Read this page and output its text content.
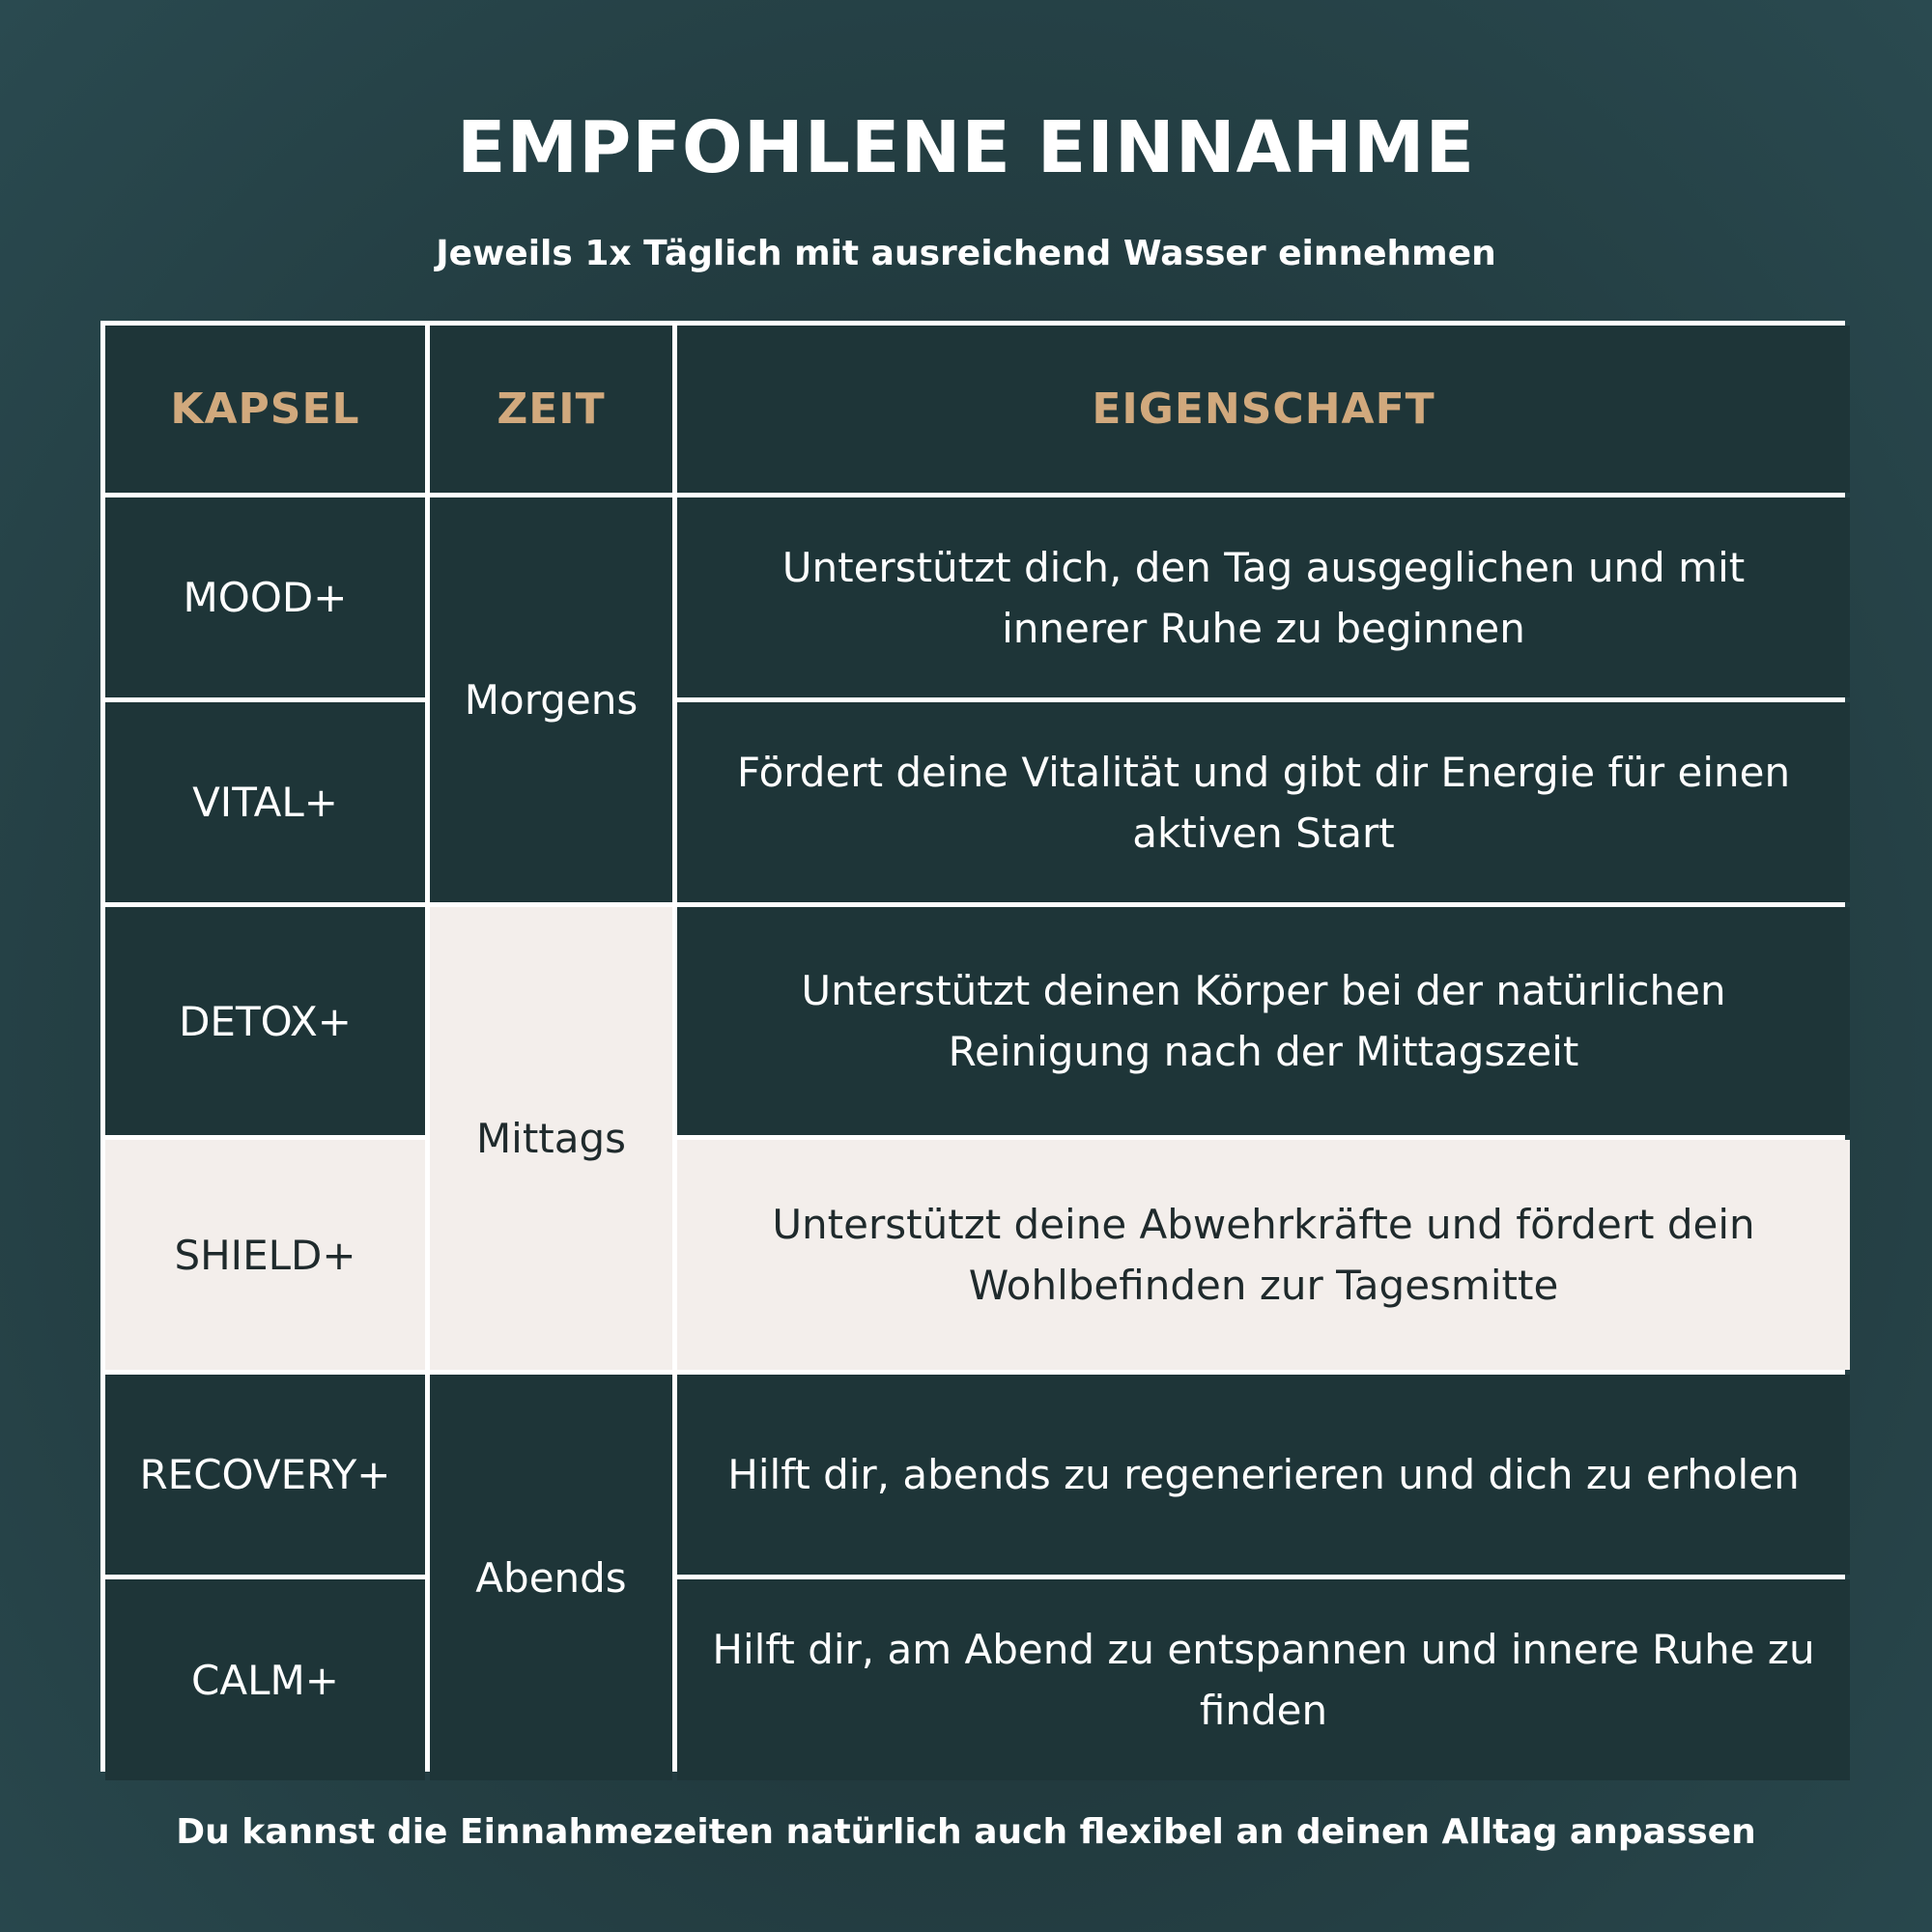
EMPFOHLENE EINNAHME
Jeweils 1x Täglich mit ausreichend Wasser einnehmen
KAPSEL	ZEIT	EIGENSCHAFT
MOOD+
Morgens
Unterstützt dich, den Tag ausgeglichen und mit innerer Ruhe zu beginnen
VITAL+
Fördert deine Vitalität und gibt dir Energie für einen aktiven Start
DETOX+
Mittags
Unterstützt deinen Körper bei der natürlichen Reinigung nach der Mittagszeit
SHIELD+
Unterstützt deine Abwehrkräfte und fördert dein Wohlbefinden zur Tagesmitte
RECOVERY+
Abends
Hilft dir, abends zu regenerieren und dich zu erholen
CALM+
Hilft dir, am Abend zu entspannen und innere Ruhe zu finden
Du kannst die Einnahmezeiten natürlich auch flexibel an deinen Alltag anpassen
